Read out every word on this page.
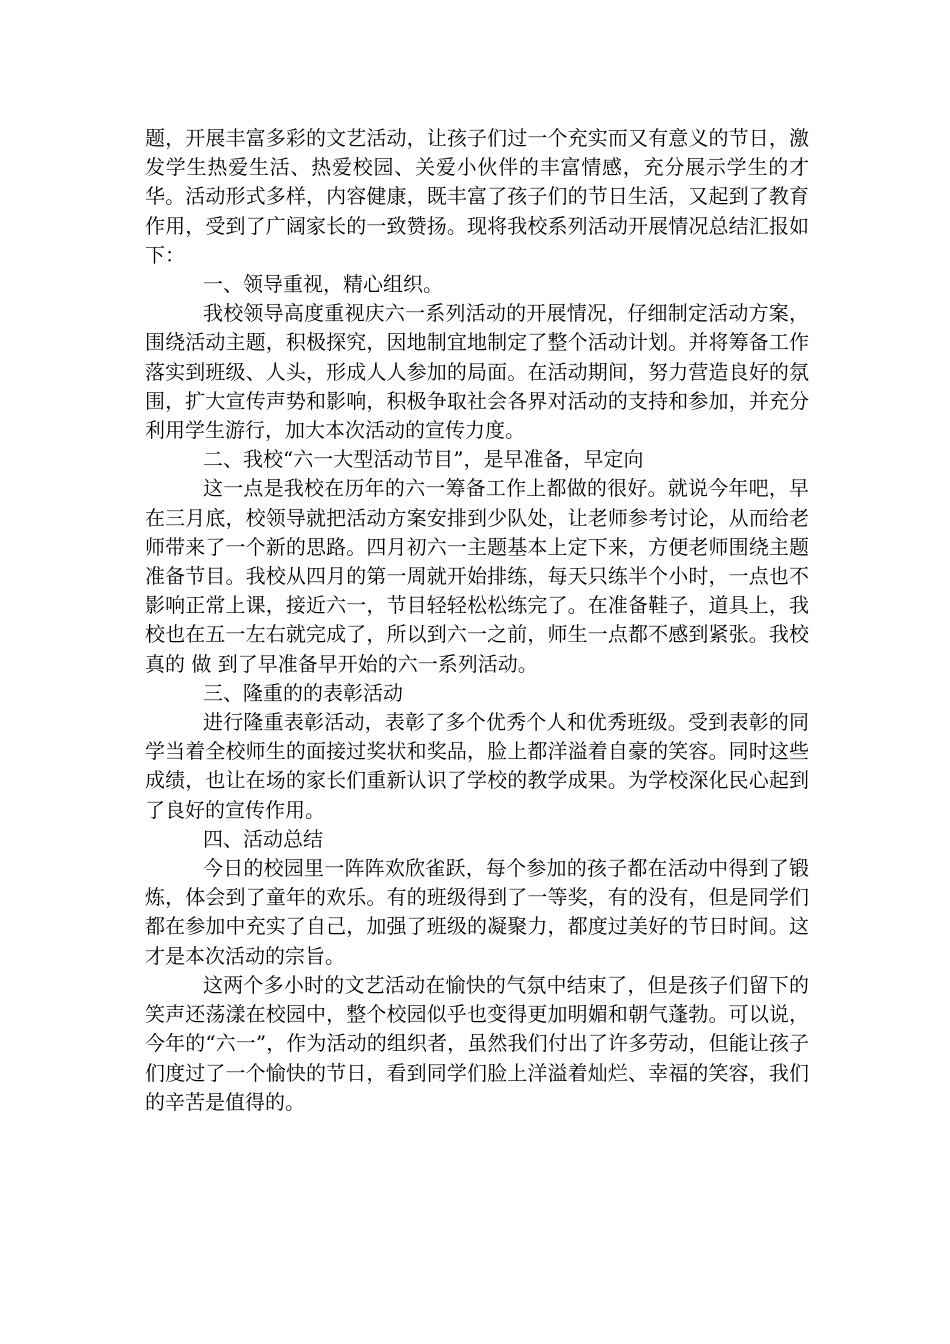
题，开展丰富多彩的文艺活动，让孩子们过一个充实而又有意义的节日，激发学生热爱生活、热爱校园、关爱小伙伴的丰富情感，充分展示学生的才华。活动形式多样，内容健康，既丰富了孩子们的节日生活，又起到了教育作用，受到了广阔家长的一致赞扬。现将我校系列活动开展情况总结汇报如下：

一、领导重视，精心组织。

我校领导高度重视庆六一系列活动的开展情况，仔细制定活动方案，围绕活动主题，积极探究，因地制宜地制定了整个活动计划。并将筹备工作落实到班级、人头，形成人人参加的局面。在活动期间，努力营造良好的氛围，扩大宣传声势和影响，积极争取社会各界对活动的支持和参加，并充分利用学生游行，加大本次活动的宣传力度。

二、我校“六一大型活动节目”，是早准备，早定向

这一点是我校在历年的六一筹备工作上都做的很好。就说今年吧，早在三月底，校领导就把活动方案安排到少队处，让老师参考讨论，从而给老师带来了一个新的思路。四月初六一主题基本上定下来，方便老师围绕主题准备节目。我校从四月的第一周就开始排练，每天只练半个小时，一点也不影响正常上课，接近六一，节目轻轻松松练完了。在准备鞋子，道具上，我校也在五一左右就完成了，所以到六一之前，师生一点都不感到紧张。我校真的 做 到了早准备早开始的六一系列活动。

三、隆重的的表彰活动

进行隆重表彰活动，表彰了多个优秀个人和优秀班级。受到表彰的同学当着全校师生的面接过奖状和奖品，脸上都洋溢着自豪的笑容。同时这些成绩，也让在场的家长们重新认识了学校的教学成果。为学校深化民心起到了良好的宣传作用。

四、活动总结

今日的校园里一阵阵欢欣雀跃，每个参加的孩子都在活动中得到了锻炼，体会到了童年的欢乐。有的班级得到了一等奖，有的没有，但是同学们都在参加中充实了自己，加强了班级的凝聚力，都度过美好的节日时间。这才是本次活动的宗旨。

这两个多小时的文艺活动在愉快的气氛中结束了，但是孩子们留下的笑声还荡漾在校园中，整个校园似乎也变得更加明媚和朝气蓬勃。可以说，今年的“六一”，作为活动的组织者，虽然我们付出了许多劳动，但能让孩子们度过了一个愉快的节日，看到同学们脸上洋溢着灿烂、幸福的笑容，我们的辛苦是值得的。
